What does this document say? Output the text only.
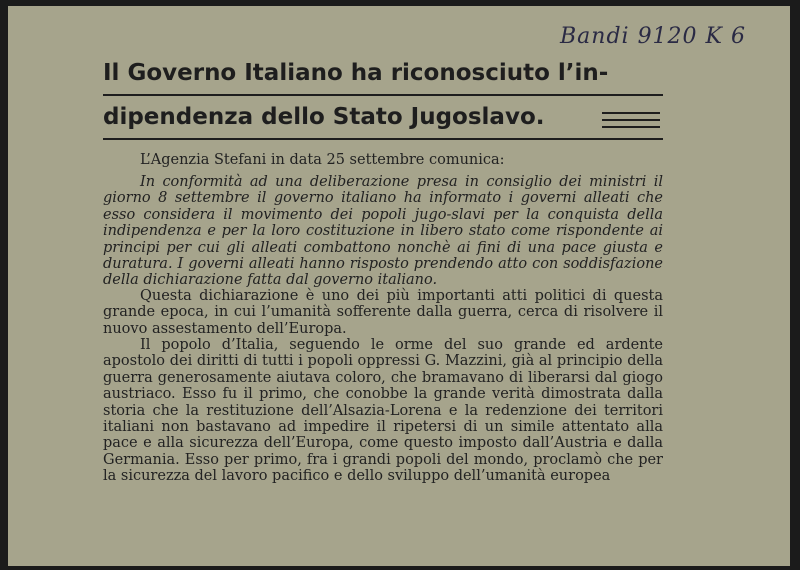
Bandi 9120 K 6
Il Governo Italiano ha riconosciuto l’in-
dipendenza dello Stato Jugoslavo.
L’Agenzia Stefani in data 25 settembre comunica:

In conformità ad una deliberazione presa in consiglio dei ministri il giorno 8 settembre il governo italiano ha informato i governi alleati che esso considera il movimento dei popoli jugo-slavi per la conquista della indipendenza e per la loro costituzione in libero stato come rispondente ai principi per cui gli alleati combattono nonchè ai fini di una pace giusta e duratura. I governi alleati hanno risposto prendendo atto con soddisfazione della dichiarazione fatta dal governo italiano.

Questa dichiarazione è uno dei più importanti atti politici di questa grande epoca, in cui l’umanità sofferente dalla guerra, cerca di risolvere il nuovo assestamento dell’Europa.

Il popolo d’Italia, seguendo le orme del suo grande ed ardente apostolo dei diritti di tutti i popoli oppressi G. Mazzini, già al principio della guerra generosamente aiutava coloro, che bramavano di liberarsi dal giogo austriaco. Esso fu il primo, che conobbe la grande verità dimostrata dalla storia che la restituzione dell’Alsazia-Lorena e la redenzione dei territori italiani non bastavano ad impedire il ripetersi di un simile attentato alla pace e alla sicurezza dell’Europa, come questo imposto dall’Austria e dalla Germania. Esso per primo, fra i grandi popoli del mondo, proclamò che per la sicurezza del lavoro pacifico e dello sviluppo dell’umanità europea
